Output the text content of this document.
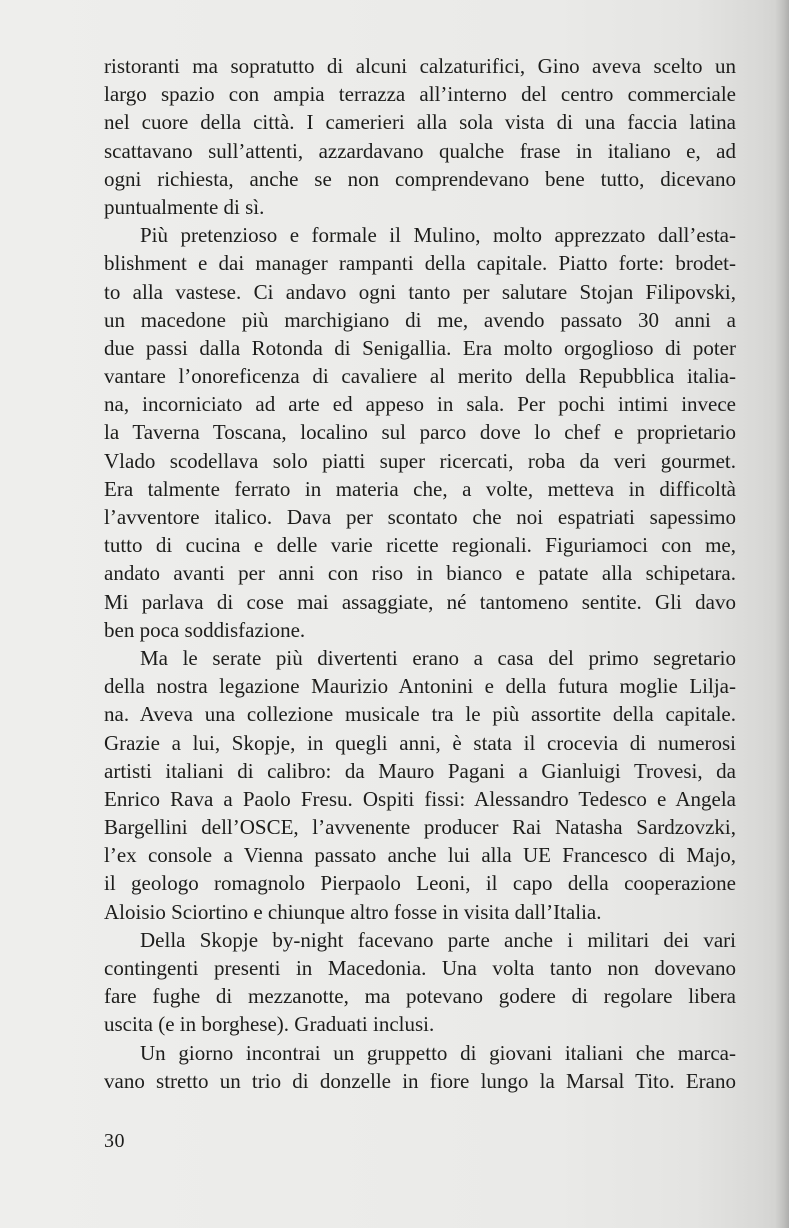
ristoranti ma sopratutto di alcuni calzaturifici, Gino aveva scelto un
largo spazio con ampia terrazza all’interno del centro commerciale
nel cuore della città. I camerieri alla sola vista di una faccia latina
scattavano sull’attenti, azzardavano qualche frase in italiano e, ad
ogni richiesta, anche se non comprendevano bene tutto, dicevano
puntualmente di sì.
Più pretenzioso e formale il Mulino, molto apprezzato dall’esta-
blishment e dai manager rampanti della capitale. Piatto forte: brodet-
to alla vastese. Ci andavo ogni tanto per salutare Stojan Filipovski,
un macedone più marchigiano di me, avendo passato 30 anni a
due passi dalla Rotonda di Senigallia. Era molto orgoglioso di poter
vantare l’onoreficenza di cavaliere al merito della Repubblica italia-
na, incorniciato ad arte ed appeso in sala. Per pochi intimi invece
la Taverna Toscana, localino sul parco dove lo chef e proprietario
Vlado scodellava solo piatti super ricercati, roba da veri gourmet.
Era talmente ferrato in materia che, a volte, metteva in difficoltà
l’avventore italico. Dava per scontato che noi espatriati sapessimo
tutto di cucina e delle varie ricette regionali. Figuriamoci con me,
andato avanti per anni con riso in bianco e patate alla schipetara.
Mi parlava di cose mai assaggiate, né tantomeno sentite. Gli davo
ben poca soddisfazione.
Ma le serate più divertenti erano a casa del primo segretario
della nostra legazione Maurizio Antonini e della futura moglie Lilja-
na. Aveva una collezione musicale tra le più assortite della capitale.
Grazie a lui, Skopje, in quegli anni, è stata il crocevia di numerosi
artisti italiani di calibro: da Mauro Pagani a Gianluigi Trovesi, da
Enrico Rava a Paolo Fresu. Ospiti fissi: Alessandro Tedesco e Angela
Bargellini dell’OSCE, l’avvenente producer Rai Natasha Sardzovzki,
l’ex console a Vienna passato anche lui alla UE Francesco di Majo,
il geologo romagnolo Pierpaolo Leoni, il capo della cooperazione
Aloisio Sciortino e chiunque altro fosse in visita dall’Italia.
Della Skopje by-night facevano parte anche i militari dei vari
contingenti presenti in Macedonia. Una volta tanto non dovevano
fare fughe di mezzanotte, ma potevano godere di regolare libera
uscita (e in borghese). Graduati inclusi.
Un giorno incontrai un gruppetto di giovani italiani che marca-
vano stretto un trio di donzelle in fiore lungo la Marsal Tito. Erano
30
